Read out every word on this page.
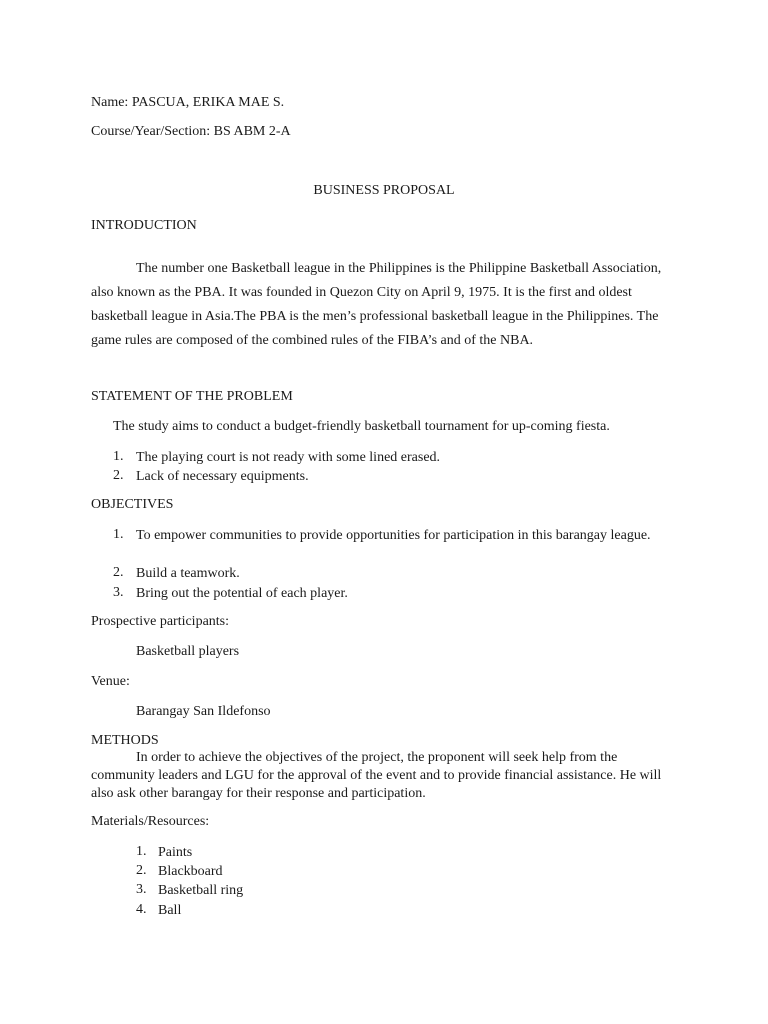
Name: PASCUA, ERIKA MAE S.
Course/Year/Section: BS ABM 2-A
BUSINESS PROPOSAL
INTRODUCTION
The number one Basketball league in the Philippines is the Philippine Basketball Association, also known as the PBA. It was founded in Quezon City on April 9, 1975. It is the first and oldest basketball league in Asia.The PBA is the men’s professional basketball league in the Philippines. The game rules are composed of the combined rules of the FIBA’s and of the NBA.
STATEMENT OF THE PROBLEM
The study aims to conduct a budget-friendly basketball tournament for up-coming fiesta.
1. The playing court is not ready with some lined erased.
2. Lack of necessary equipments.
OBJECTIVES
1. To empower communities to provide opportunities for participation in this barangay league.
2. Build a teamwork.
3. Bring out the potential of each player.
Prospective participants:
Basketball players
Venue:
Barangay San Ildefonso
METHODS
In order to achieve the objectives of the project, the proponent will seek help from the community leaders and LGU for the approval of the event and to provide financial assistance. He will also ask other barangay for their response and participation.
Materials/Resources:
1. Paints
2. Blackboard
3. Basketball ring
4. Ball
